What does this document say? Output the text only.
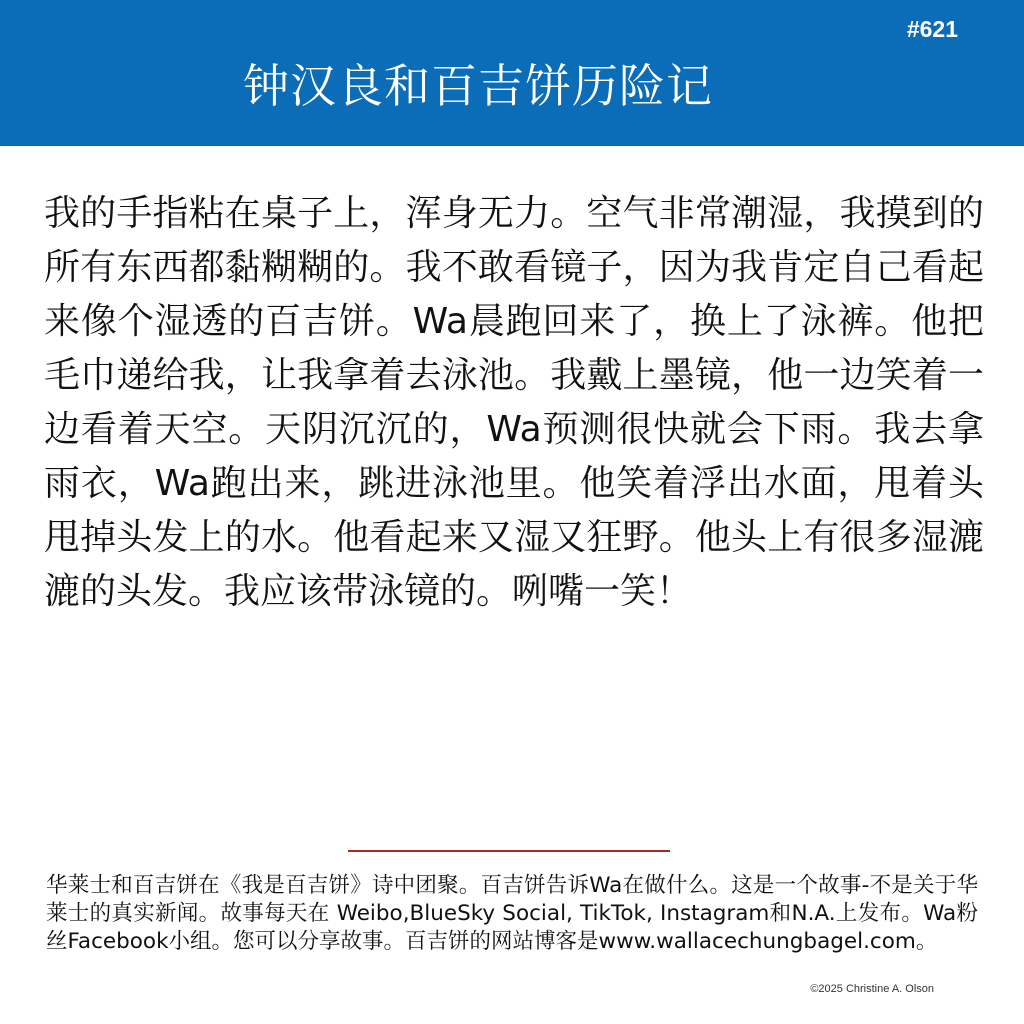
#621
钟汉良和百吉饼历险记

我的手指粘在桌子上，浑身无力。空气非常潮湿，我摸到的所有东西都黏糊糊的。我不敢看镜子，因为我肯定自己看起来像个湿透的百吉饼。Wa晨跑回来了，换上了泳裤。他把毛巾递给我，让我拿着去泳池。我戴上墨镜，他一边笑着一边看着天空。天阴沉沉的，Wa预测很快就会下雨。我去拿雨衣，Wa跑出来，跳进泳池里。他笑着浮出水面，甩着头甩掉头发上的水。他看起来又湿又狂野。他头上有很多湿漉漉的头发。我应该带泳镜的。咧嘴一笑！

华莱士和百吉饼在《我是百吉饼》诗中团聚。百吉饼告诉Wa在做什么。这是一个故事-不是关于华莱士的真实新闻。故事每天在 Weibo,BlueSky Social, TikTok, Instagram和N.A.上发布。Wa粉丝Facebook小组。您可以分享故事。百吉饼的网站博客是www.wallacechungbagel.com。

©2025 Christine A. Olson
